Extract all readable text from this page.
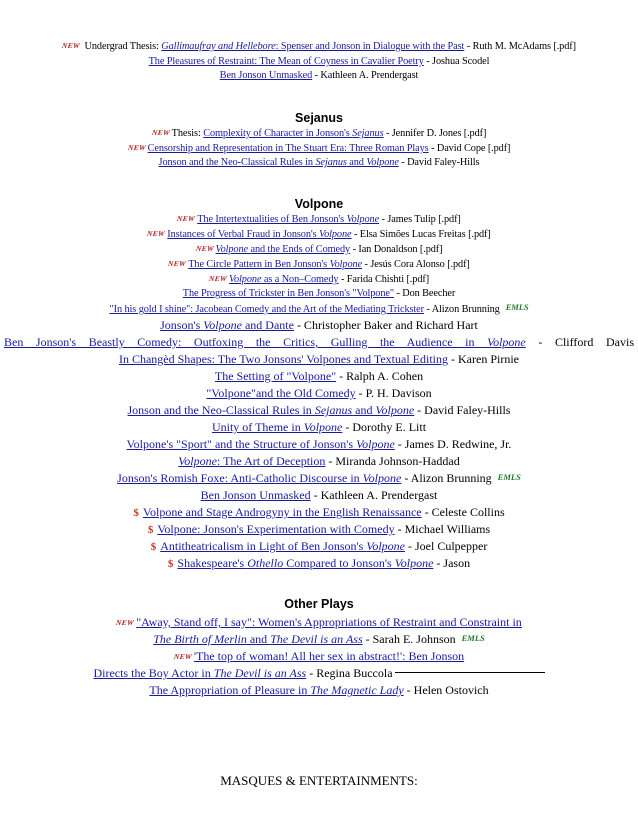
NEW Undergrad Thesis: Gallimaufray and Hellebore: Spenser and Jonson in Dialogue with the Past - Ruth M. McAdams [.pdf]
The Pleasures of Restraint: The Mean of Coyness in Cavalier Poetry - Joshua Scodel
Ben Jonson Unmasked - Kathleen A. Prendergast
Sejanus
NEWThesis: Complexity of Character in Jonson's Sejanus - Jennifer D. Jones [.pdf]
NEWCensorship and Representation in The Stuart Era: Three Roman Plays - David Cope [.pdf]
Jonson and the Neo-Classical Rules in Sejanus and Volpone - David Faley-Hills
Volpone
NEWThe Intertextualities of Ben Jonson's Volpone - James Tulip [.pdf]
NEWInstances of Verbal Fraud in Jonson's Volpone - Elsa Simões Lucas Freitas [.pdf]
NEWVolpone and the Ends of Comedy - Ian Donaldson [.pdf]
NEWThe Circle Pattern in Ben Jonson's Volpone - Jesús Cora Alonso [.pdf]
NEWVolpone as a Non–Comedy - Farida Chishti [.pdf]
The Progress of Trickster in Ben Jonson's "Volpone" - Don Beecher
"In his gold I shine": Jacobean Comedy and the Art of the Mediating Trickster - Alizon Brunning EMLS
Jonson's Volpone and Dante - Christopher Baker and Richard Hart
Ben Jonson's Beastly Comedy: Outfoxing the Critics, Gulling the Audience in Volpone - Clifford Davis
In Changèd Shapes: The Two Jonsons' Volpones and Textual Editing - Karen Pirnie
The Setting of "Volpone" - Ralph A. Cohen
"Volpone"and the Old Comedy - P. H. Davison
Jonson and the Neo-Classical Rules in Sejanus and Volpone - David Faley-Hills
Unity of Theme in Volpone - Dorothy E. Litt
Volpone's "Sport" and the Structure of Jonson's Volpone - James D. Redwine, Jr.
Volpone: The Art of Deception - Miranda Johnson-Haddad
Jonson's Romish Foxe: Anti-Catholic Discourse in Volpone - Alizon Brunning EMLS
Ben Jonson Unmasked - Kathleen A. Prendergast
$ Volpone and Stage Androgyny in the English Renaissance - Celeste Collins
$ Volpone: Jonson's Experimentation with Comedy - Michael Williams
$ Antitheatricalism in Light of Ben Jonson's Volpone - Joel Culpepper
$ Shakespeare's Othello Compared to Jonson's Volpone - Jason
Other Plays
NEW"Away, Stand off, I say": Women's Appropriations of Restraint and Constraint in
The Birth of Merlin and The Devil is an Ass - Sarah E. Johnson EMLS
NEW'The top of woman! All her sex in abstract!': Ben Jonson
Directs the Boy Actor in The Devil is an Ass - Regina Buccola
The Appropriation of Pleasure in The Magnetic Lady - Helen Ostovich
MASQUES & ENTERTAINMENTS:
